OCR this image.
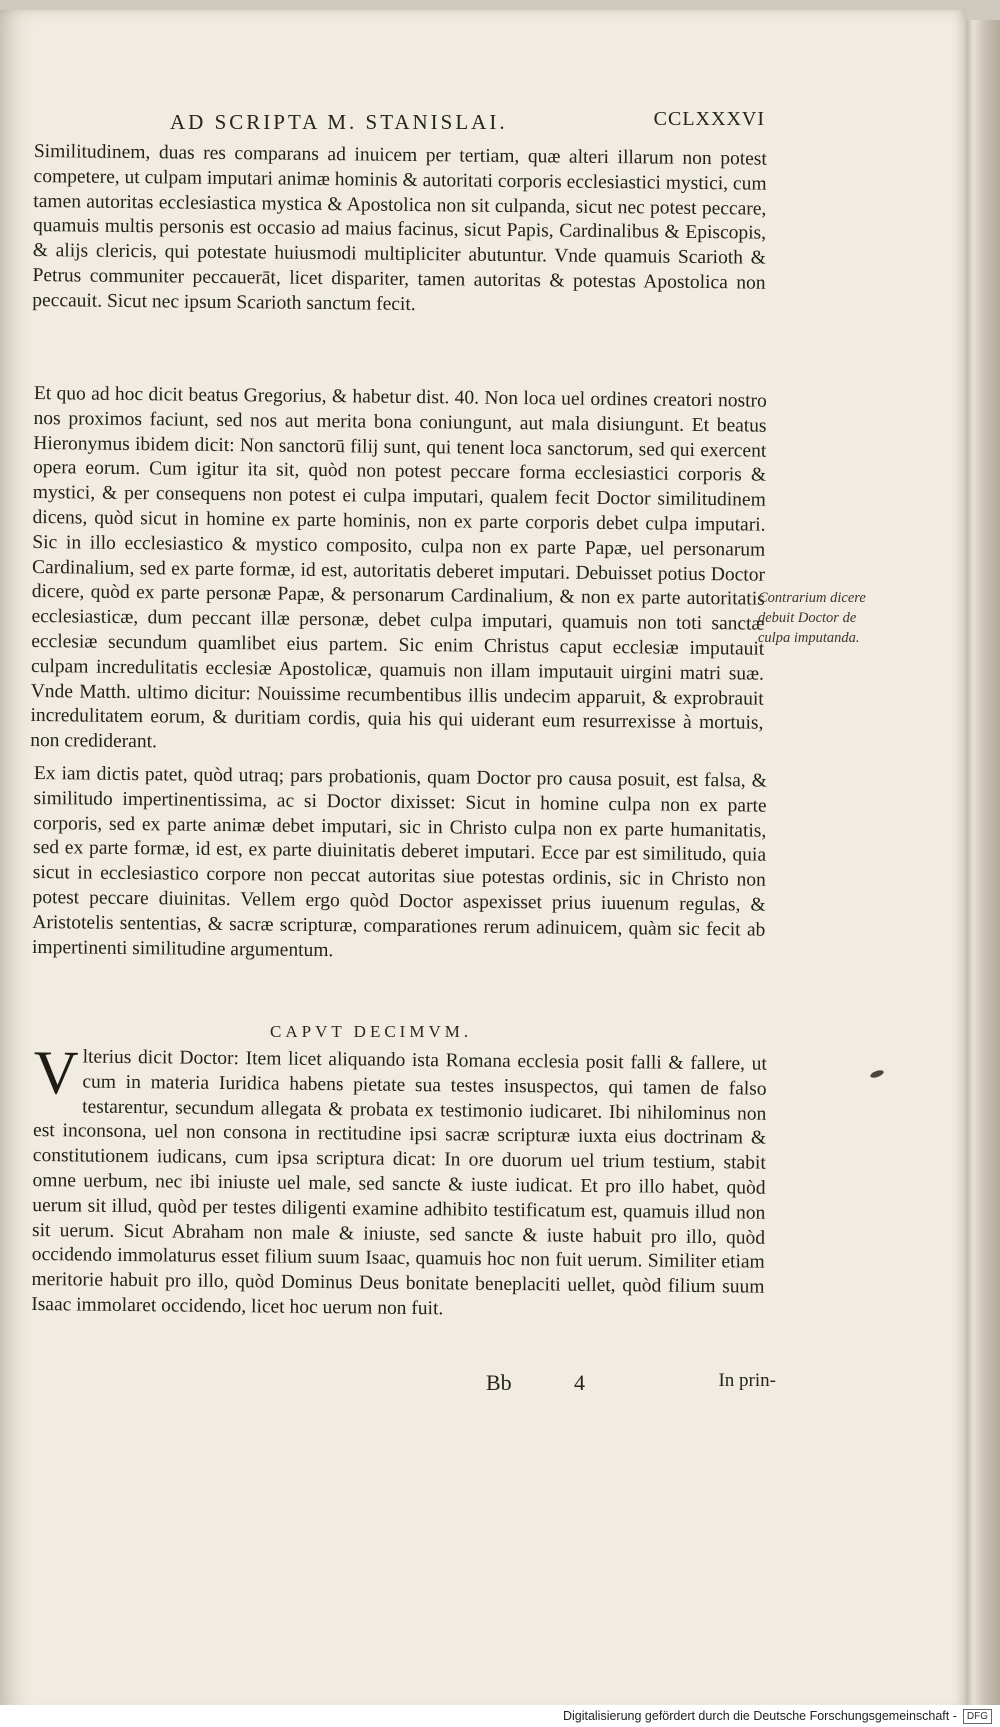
AD SCRIPTA M. STANISLAI.	CCLXXXVI

Similitudinem, duas res comparans ad inuicem per tertiam, quæ alteri illarum non potest competere, ut culpam imputari animæ hominis & autoritati corporis ecclesiastici mystici, cum tamen autoritas ecclesiastica mystica & Apostolica non sit culpanda, sicut nec potest peccare, quamuis multis personis est occasio ad maius facinus, sicut Papis, Cardinalibus & Episcopis, & alijs clericis, qui potestate huiusmodi multipliciter abutuntur. Vnde quamuis Scarioth & Petrus communiter peccauerāt, licet dispariter, tamen autoritas & potestas Apostolica non peccauit. Sicut nec ipsum Scarioth sanctum fecit.

Et quo ad hoc dicit beatus Gregorius, & habetur dist. 40. Non loca uel ordines creatori nostro nos proximos faciunt, sed nos aut merita bona coniungunt, aut mala disiungunt. Et beatus Hieronymus ibidem dicit: Non sanctorū filij sunt, qui tenent loca sanctorum, sed qui exercent opera eorum. Cum igitur ita sit, quòd non potest peccare forma ecclesiastici corporis & mystici, & per consequens non potest ei culpa imputari, qualem fecit Doctor similitudinem dicens, quòd sicut in homine ex parte hominis, non ex parte corporis debet culpa imputari. Sic in illo ecclesiastico & mystico composito, culpa non ex parte Papæ, uel personarum Cardinalium, sed ex parte formæ, id est, autoritatis deberet imputari. Debuisset potius Doctor dicere, quòd ex parte personæ Papæ, & personarum Cardinalium, & non ex parte autoritatis ecclesiasticæ, dum peccant illæ personæ, debet culpa imputari, quamuis non toti sanctæ ecclesiæ secundum quamlibet eius partem. Sic enim Christus caput ecclesiæ imputauit culpam incredulitatis ecclesiæ Apostolicæ, quamuis non illam imputauit uirgini matri suæ. Vnde Matth. ultimo dicitur: Nouissime recumbentibus illis undecim apparuit, & exprobrauit incredulitatem eorum, & duritiam cordis, quia his qui uiderant eum resurrexisse à mortuis, non crediderant.

Contrarium dicere debuit Doctor de culpa imputanda.

Ex iam dictis patet, quòd utraq; pars probationis, quam Doctor pro causa posuit, est falsa, & similitudo impertinentissima, ac si Doctor dixisset: Sicut in homine culpa non ex parte corporis, sed ex parte animæ debet imputari, sic in Christo culpa non ex parte humanitatis, sed ex parte formæ, id est, ex parte diuinitatis deberet imputari. Ecce par est similitudo, quia sicut in ecclesiastico corpore non peccat autoritas siue potestas ordinis, sic in Christo non potest peccare diuinitas. Vellem ergo quòd Doctor aspexisset prius iuuenum regulas, & Aristotelis sententias, & sacræ scripturæ, comparationes rerum adinuicem, quàm sic fecit ab impertinenti similitudine argumentum.

CAPVT DECIMVM.
V lterius dicit Doctor: Item licet aliquando ista Romana ecclesia posit falli & fallere, ut cum in materia Iuridica habens pietate sua testes insuspectos, qui tamen de falso testarentur, secundum allegata & probata ex testimonio iudicaret. Ibi nihilominus non est inconsona, uel non consona in rectitudine ipsi sacræ scripturæ iuxta eius doctrinam & constitutionem iudicans, cum ipsa scriptura dicat: In ore duorum uel trium testium, stabit omne uerbum, nec ibi iniuste uel male, sed sancte & iuste iudicat. Et pro illo habet, quòd uerum sit illud, quòd per testes diligenti examine adhibito testificatum est, quamuis illud non sit uerum. Sicut Abraham non male & iniuste, sed sancte & iuste habuit pro illo, quòd occidendo immolaturus esset filium suum Isaac, quamuis hoc non fuit uerum. Similiter etiam meritorie habuit pro illo, quòd Dominus Deus bonitate beneplaciti uellet, quòd filium suum Isaac immolaret occidendo, licet hoc uerum non fuit.

Bb	4	In prin-
Digitalisierung gefördert durch die Deutsche Forschungsgemeinschaft -	DFG
